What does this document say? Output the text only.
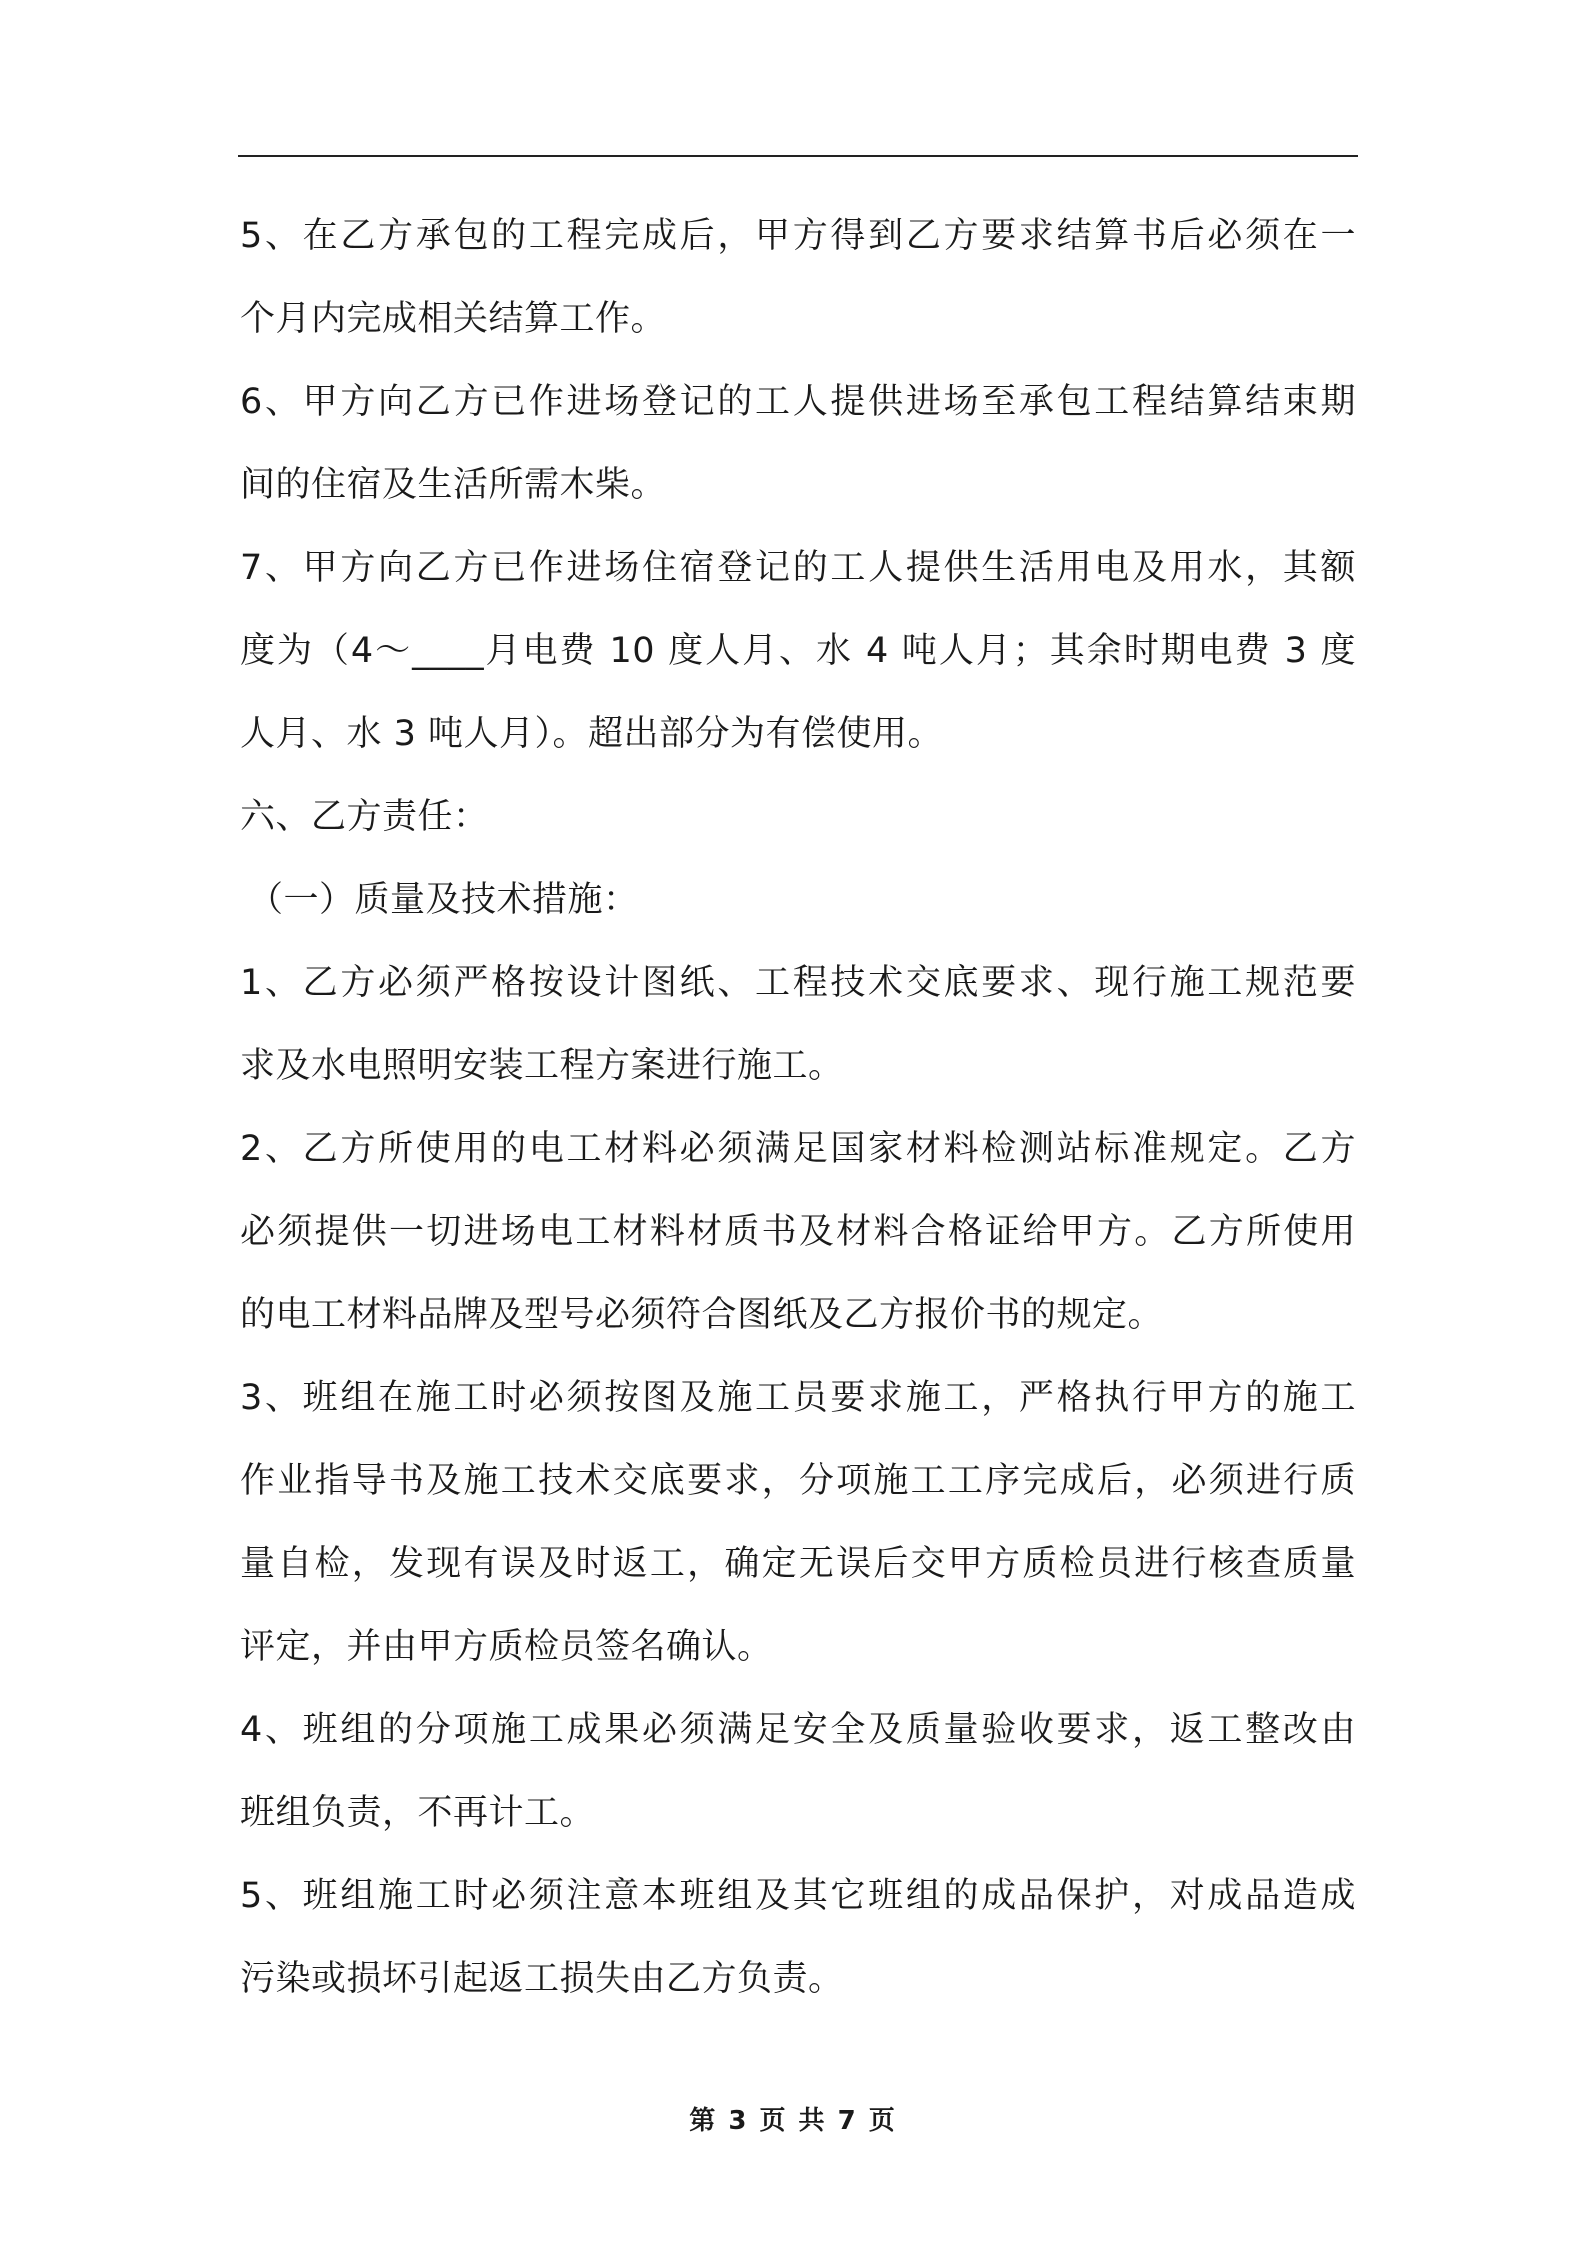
5、在乙方承包的工程完成后，甲方得到乙方要求结算书后必须在一
个月内完成相关结算工作。
6、甲方向乙方已作进场登记的工人提供进场至承包工程结算结束期
间的住宿及生活所需木柴。
7、甲方向乙方已作进场住宿登记的工人提供生活用电及用水，其额
度为（4～____月电费 10 度人月、水 4 吨人月；其余时期电费 3 度
人月、水 3 吨人月）。超出部分为有偿使用。
六、乙方责任：
（一）质量及技术措施：
1、乙方必须严格按设计图纸、工程技术交底要求、现行施工规范要
求及水电照明安装工程方案进行施工。
2、乙方所使用的电工材料必须满足国家材料检测站标准规定。乙方
必须提供一切进场电工材料材质书及材料合格证给甲方。乙方所使用
的电工材料品牌及型号必须符合图纸及乙方报价书的规定。
3、班组在施工时必须按图及施工员要求施工，严格执行甲方的施工
作业指导书及施工技术交底要求，分项施工工序完成后，必须进行质
量自检，发现有误及时返工，确定无误后交甲方质检员进行核查质量
评定，并由甲方质检员签名确认。
4、班组的分项施工成果必须满足安全及质量验收要求，返工整改由
班组负责，不再计工。
5、班组施工时必须注意本班组及其它班组的成品保护，对成品造成
污染或损坏引起返工损失由乙方负责。
第 3 页 共 7 页
